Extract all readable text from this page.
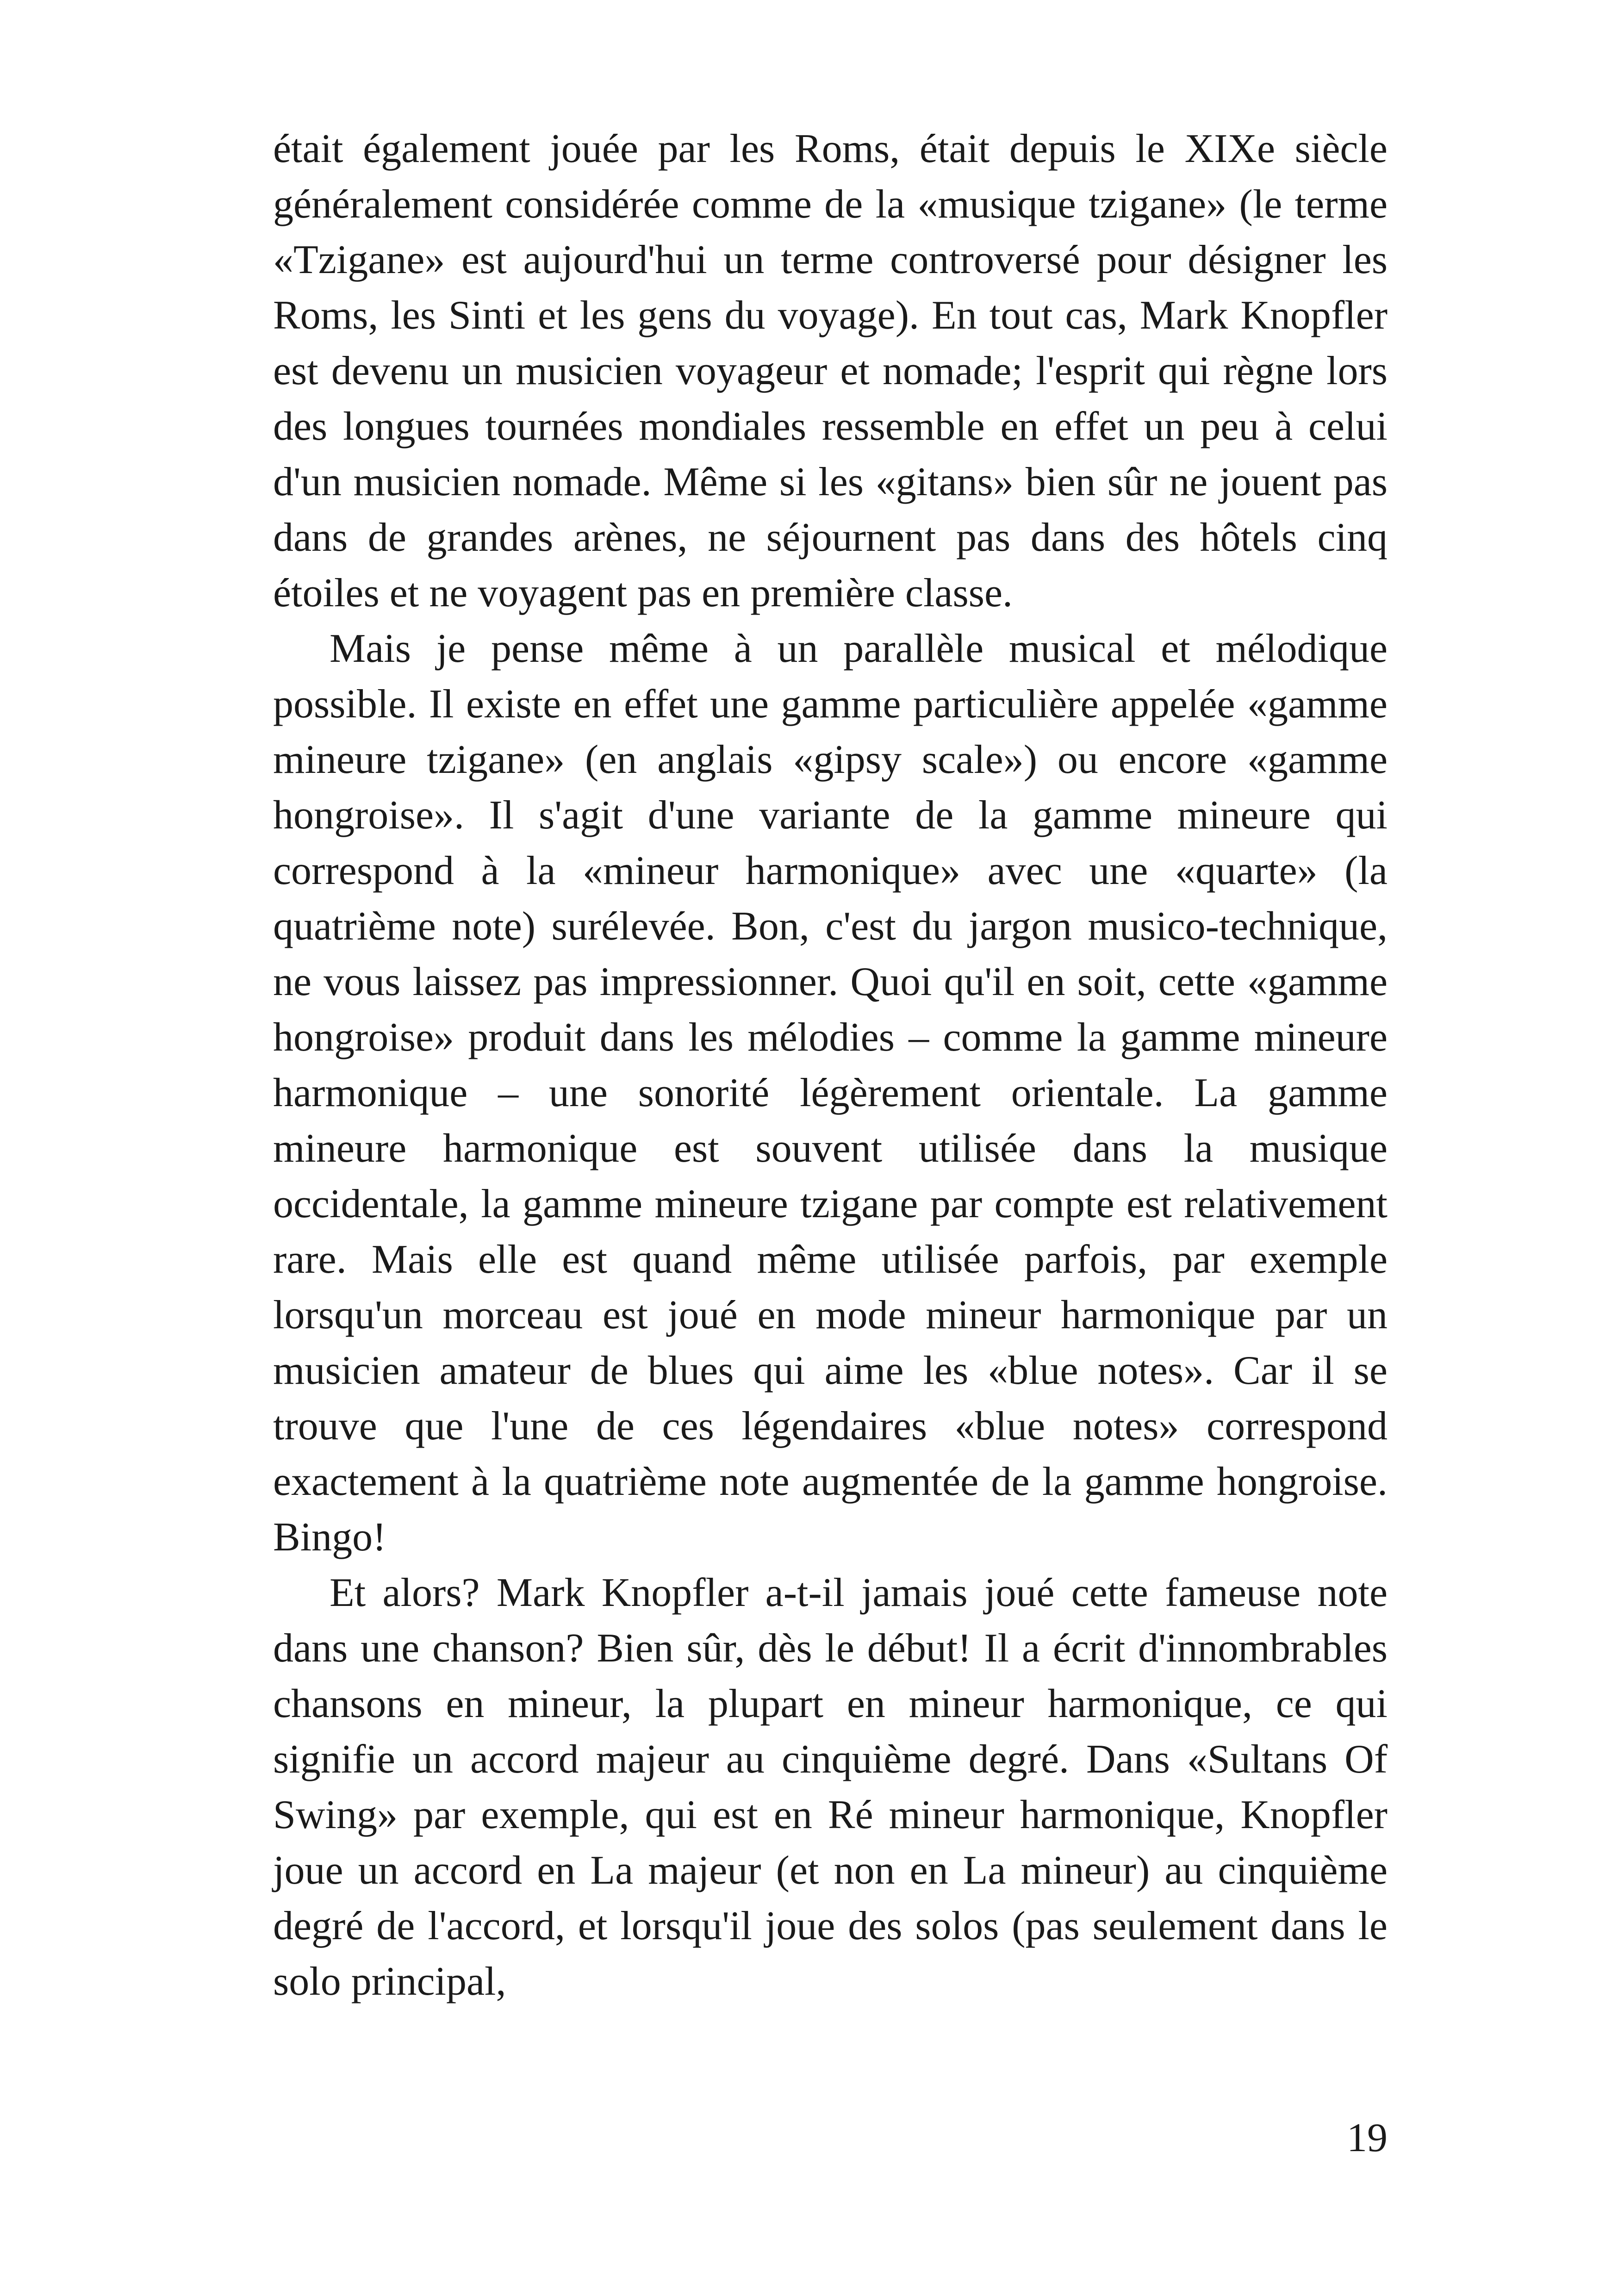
était également jouée par les Roms, était depuis le XIXe siècle généralement considérée comme de la «musique tzigane» (le terme «Tzigane» est aujourd'hui un terme controversé pour désigner les Roms, les Sinti et les gens du voyage). En tout cas, Mark Knopfler est devenu un musicien voyageur et nomade; l'esprit qui règne lors des longues tournées mondiales ressemble en effet un peu à celui d'un musicien nomade. Même si les «gitans» bien sûr ne jouent pas dans de grandes arènes, ne séjournent pas dans des hôtels cinq étoiles et ne voyagent pas en première classe.

Mais je pense même à un parallèle musical et mélodique possible. Il existe en effet une gamme particulière appelée «gamme mineure tzigane» (en anglais «gipsy scale») ou encore «gamme hongroise». Il s'agit d'une variante de la gamme mineure qui correspond à la «mineur harmonique» avec une «quarte» (la quatrième note) surélevée. Bon, c'est du jargon musico-technique, ne vous laissez pas impressionner. Quoi qu'il en soit, cette «gamme hongroise» produit dans les mélodies – comme la gamme mineure harmonique – une sonorité légèrement orientale. La gamme mineure harmonique est souvent utilisée dans la musique occidentale, la gamme mineure tzigane par compte est relativement rare. Mais elle est quand même utilisée parfois, par exemple lorsqu'un morceau est joué en mode mineur harmonique par un musicien amateur de blues qui aime les «blue notes». Car il se trouve que l'une de ces légendaires «blue notes» correspond exactement à la quatrième note augmentée de la gamme hongroise. Bingo!

Et alors? Mark Knopfler a-t-il jamais joué cette fameuse note dans une chanson? Bien sûr, dès le début! Il a écrit d'innombrables chansons en mineur, la plupart en mineur harmonique, ce qui signifie un accord majeur au cinquième degré. Dans «Sultans Of Swing» par exemple, qui est en Ré mineur harmonique, Knopfler joue un accord en La majeur (et non en La mineur) au cinquième degré de l'accord, et lorsqu'il joue des solos (pas seulement dans le solo principal,

19
